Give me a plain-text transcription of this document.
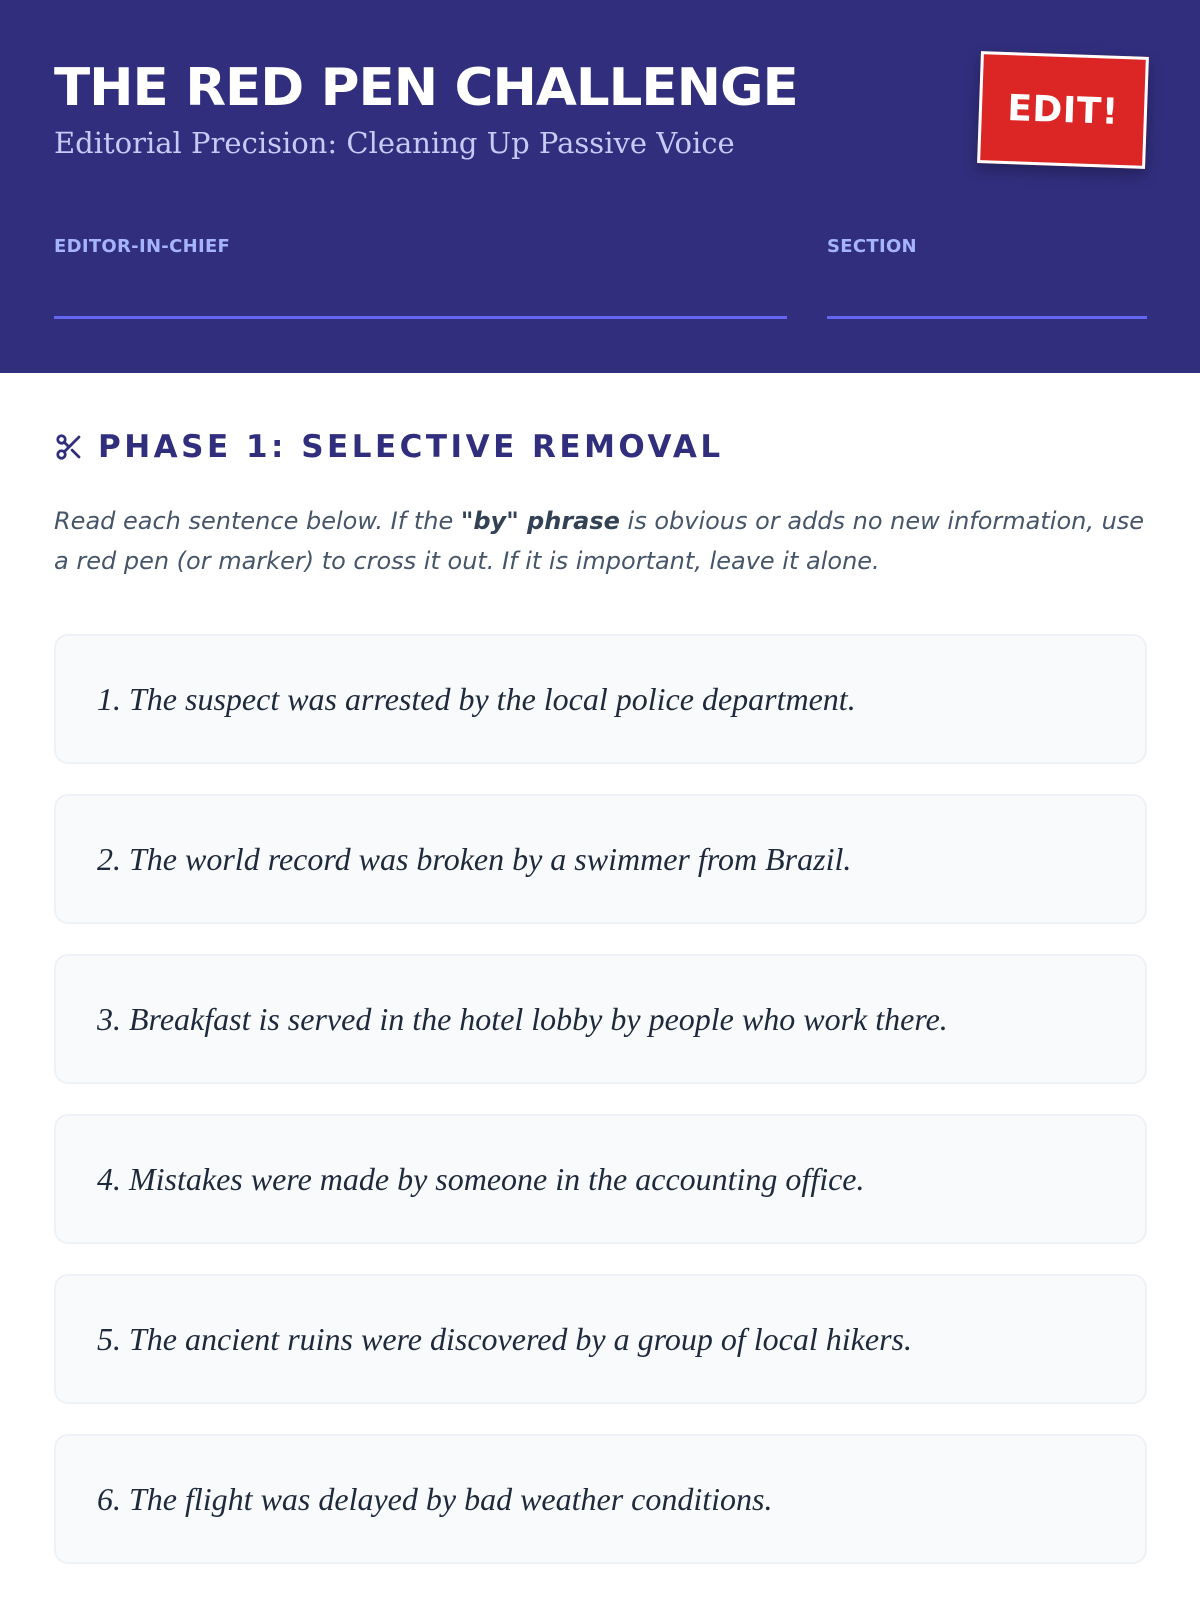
THE RED PEN CHALLENGE
Editorial Precision: Cleaning Up Passive Voice
EDIT!
EDITOR-IN-CHIEF	SECTION
PHASE 1: SELECTIVE REMOVAL

Read each sentence below. If the "by" phrase is obvious or adds no new information, use a red pen (or marker) to cross it out. If it is important, leave it alone.

1. The suspect was arrested by the local police department.
2. The world record was broken by a swimmer from Brazil.
3. Breakfast is served in the hotel lobby by people who work there.
4. Mistakes were made by someone in the accounting office.
5. The ancient ruins were discovered by a group of local hikers.
6. The flight was delayed by bad weather conditions.
